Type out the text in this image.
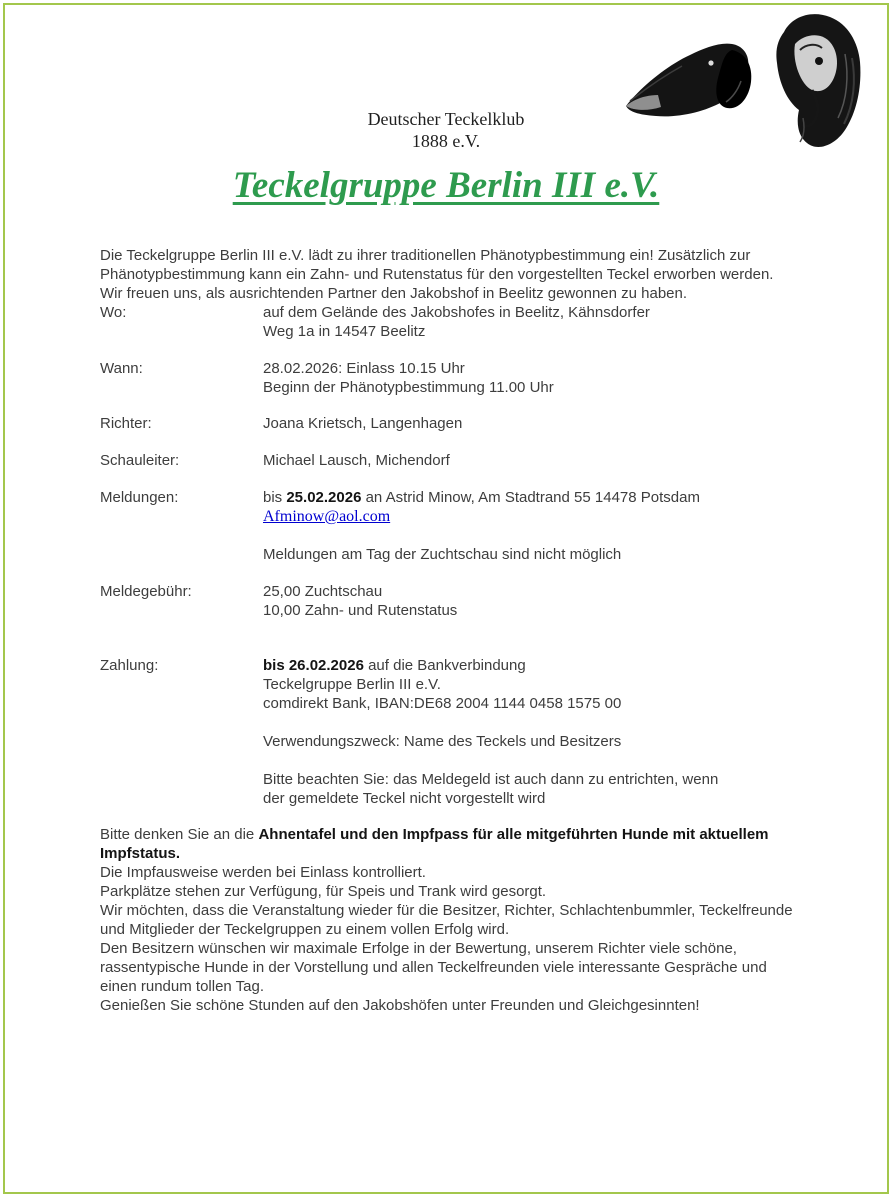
Deutscher Teckelklub
1888 e.V.
Teckelgruppe Berlin III e.V.

Die Teckelgruppe Berlin III e.V. lädt zu ihrer traditionellen Phänotypbestimmung ein! Zusätzlich zur Phänotypbestimmung kann ein Zahn- und Rutenstatus für den vorgestellten Teckel erworben werden.

Wir freuen uns, als ausrichtenden Partner den Jakobshof in Beelitz gewonnen zu haben.

Wo:	auf dem Gelände des Jakobshofes in Beelitz, Kähnsdorfer
Weg 1a in 14547 Beelitz
Wann:	28.02.2026: Einlass 10.15 Uhr
Beginn der Phänotypbestimmung 11.00 Uhr
Richter:	Joana Krietsch, Langenhagen
Schauleiter:	Michael Lausch, Michendorf
Meldungen:	bis 25.02.2026 an Astrid Minow, Am Stadtrand 55 14478 Potsdam
Afminow@aol.com
Meldungen am Tag der Zuchtschau sind nicht möglich
Meldegebühr:	25,00 Zuchtschau
10,00 Zahn- und Rutenstatus
Zahlung:	bis 26.02.2026 auf die Bankverbindung
Teckelgruppe Berlin III e.V.
comdirekt Bank, IBAN:DE68 2004 1144 0458 1575 00
Verwendungszweck: Name des Teckels und Besitzers
Bitte beachten Sie: das Meldegeld ist auch dann zu entrichten, wenn
der gemeldete Teckel nicht vorgestellt wird

Bitte denken Sie an die Ahnentafel und den Impfpass für alle mitgeführten Hunde mit aktuellem Impfstatus.
Die Impfausweise werden bei Einlass kontrolliert.

Parkplätze stehen zur Verfügung, für Speis und Trank wird gesorgt.

Wir möchten, dass die Veranstaltung wieder für die Besitzer, Richter, Schlachtenbummler, Teckelfreunde und Mitglieder der Teckelgruppen zu einem vollen Erfolg wird.

Den Besitzern wünschen wir maximale Erfolge in der Bewertung, unserem Richter viele schöne, rassentypische Hunde in der Vorstellung und allen Teckelfreunden viele interessante Gespräche und einen rundum tollen Tag.

Genießen Sie schöne Stunden auf den Jakobshöfen unter Freunden und Gleichgesinnten!
